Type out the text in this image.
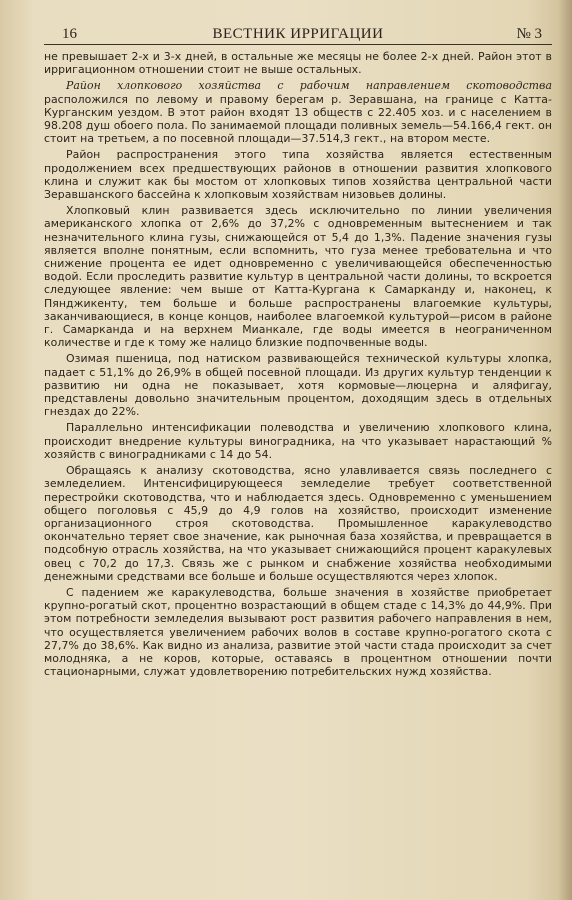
16	ВЕСТНИК ИРРИГАЦИИ	№ 3

не превышает 2-х и 3-х дней, в остальные же месяцы не более 2-х дней. Район этот в ирригационном отношении стоит не выше остальных.

Район хлопкового хозяйства с рабочим направлением скотоводства расположился по левому и правому берегам р. Зеравшана, на границе с Катта-Курганским уездом. В этот район входят 13 обществ с 22.405 хоз. и с населением в 98.208 душ обоего пола. По занимаемой площади поливных земель—54.166,4 гект. он стоит на третьем, а по посевной площади—37.514,3 гект., на втором месте.

Район распространения этого типа хозяйства является естественным продолжением всех предшествующих районов в отношении развития хлопкового клина и служит как бы мостом от хлопковых типов хозяйства центральной части Зеравшанского бассейна к хлопковым хозяйствам низовьев долины.

Хлопковый клин развивается здесь исключительно по линии увеличения американского хлопка от 2,6% до 37,2% с одновременным вытеснением и так незначительного клина гузы, снижающейся от 5,4 до 1,3%. Падение значения гузы является вполне понятным, если вспомнить, что гуза менее требовательна и что снижение процента ее идет одновременно с увеличивающейся обеспеченностью водой. Если проследить развитие культур в центральной части долины, то вскроется следующее явление: чем выше от Катта-Кургана к Самарканду и, наконец, к Пянджикенту, тем больше и больше распространены влагоемкие культуры, заканчивающиеся, в конце концов, наиболее влагоемкой культурой—рисом в районе г. Самарканда и на верхнем Мианкале, где воды имеется в неограниченном количестве и где к тому же налицо близкие подпочвенные воды.

Озимая пшеница, под натиском развивающейся технической культуры хлопка, падает с 51,1% до 26,9% в общей посевной площади. Из других культур тенденции к развитию ни одна не показывает, хотя кормовые—люцерна и аляфигау, представлены довольно значительным процентом, доходящим здесь в отдельных гнездах до 22%.

Параллельно интенсификации полеводства и увеличению хлопкового клина, происходит внедрение культуры виноградника, на что указывает нарастающий % хозяйств с виноградниками с 14 до 54.

Обращаясь к анализу скотоводства, ясно улавливается связь последнего с земледелием. Интенсифицирующееся земледелие требует соответственной перестройки скотоводства, что и наблюдается здесь. Одновременно с уменьшением общего поголовья с 45,9 до 4,9 голов на хозяйство, происходит изменение организационного строя скотоводства. Промышленное каракулеводство окончательно теряет свое значение, как рыночная база хозяйства, и превращается в подсобную отрасль хозяйства, на что указывает снижающийся процент каракулевых овец с 70,2 до 17,3. Связь же с рынком и снабжение хозяйства необходимыми денежными средствами все больше и больше осуществляются через хлопок.

С падением же каракулеводства, больше значения в хозяйстве приобретает крупно-рогатый скот, процентно возрастающий в общем стаде с 14,3% до 44,9%. При этом потребности земледелия вызывают рост развития рабочего направления в нем, что осуществляется увеличением рабочих волов в составе крупно-рогатого скота с 27,7% до 38,6%. Как видно из анализа, развитие этой части стада происходит за счет молодняка, а не коров, которые, оставаясь в процентном отношении почти стационарными, служат удовлетворению потребительских нужд хозяйства.
